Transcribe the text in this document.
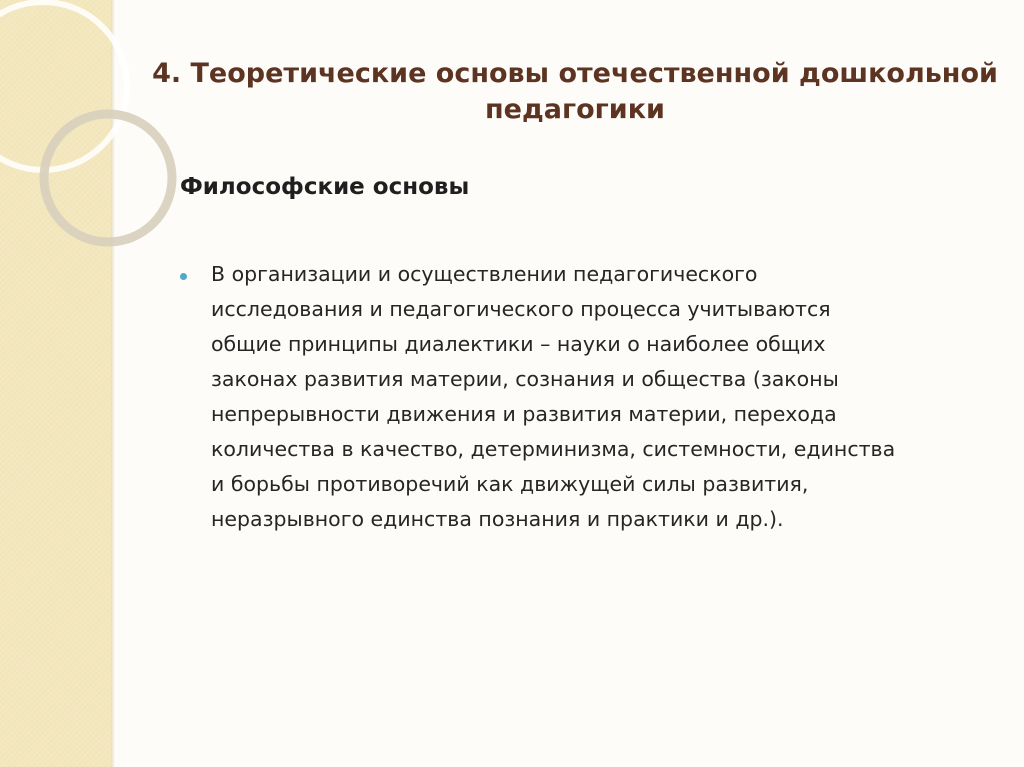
4. Теоретические основы отечественной дошкольной
педагогики
Философские основы
В организации и осуществлении педагогического
исследования и педагогического процесса учитываются
общие принципы диалектики – науки о наиболее общих
законах развития материи, сознания и общества (законы
непрерывности движения и развития материи, перехода
количества в качество, детерминизма, системности, единства
и борьбы противоречий как движущей силы развития,
неразрывного единства познания и практики и др.).
